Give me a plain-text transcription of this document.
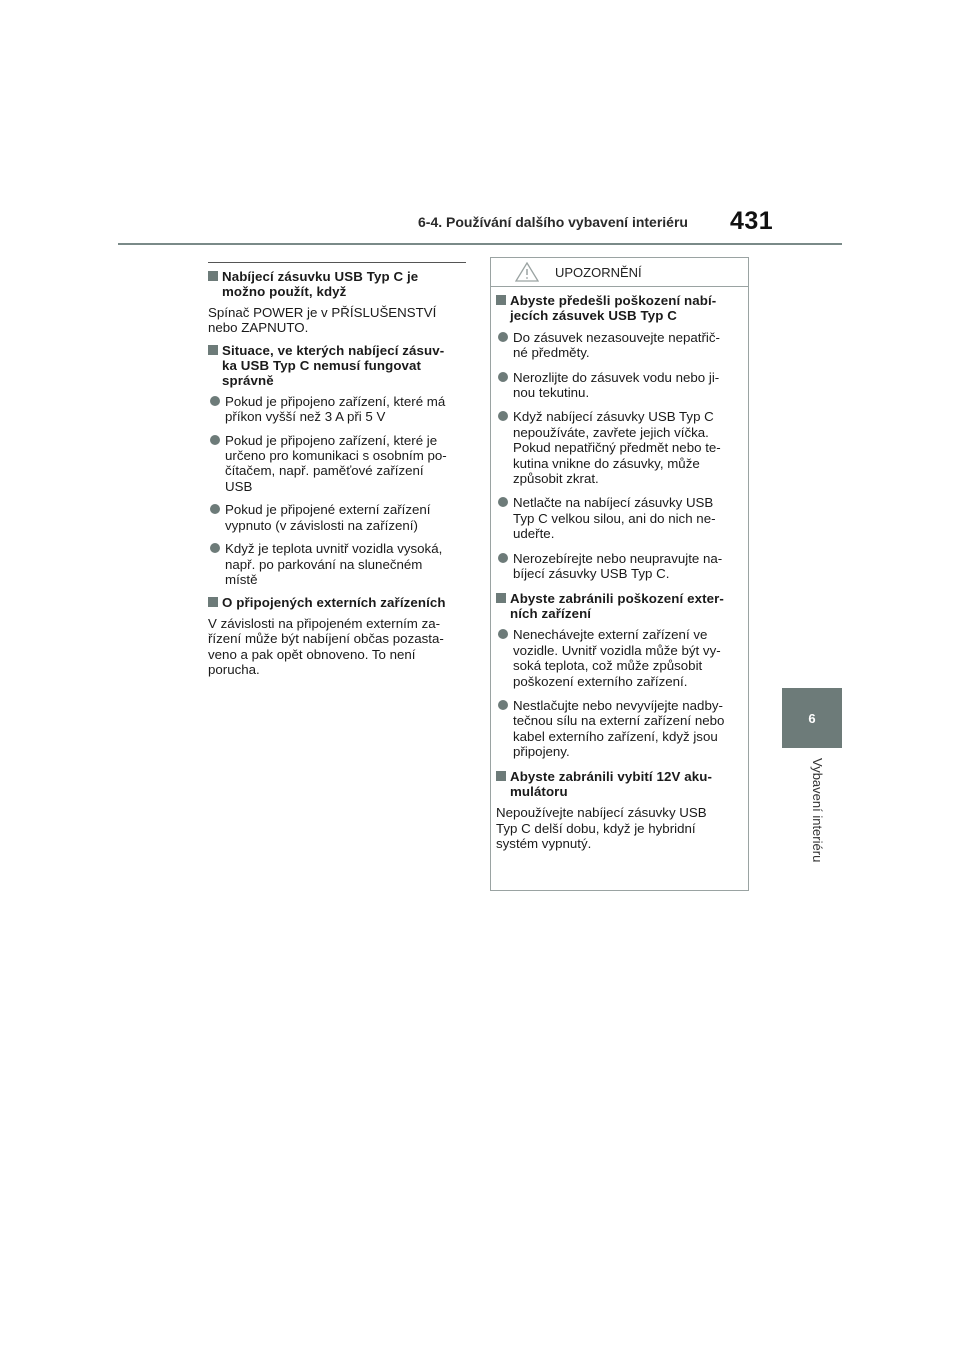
6-4. Používání dalšího vybavení interiéru 431
6
Vybavení interiéru
Nabíjecí zásuvku USB Typ C je
možno použít, když
Spínač POWER je v PŘÍSLUŠENSTVÍ
nebo ZAPNUTO.
Situace, ve kterých nabíjecí zásuv-
ka USB Typ C nemusí fungovat
správně
Pokud je připojeno zařízení, které má
příkon vyšší než 3 A při 5 V
Pokud je připojeno zařízení, které je
určeno pro komunikaci s osobním po-
čítačem, např. paměťové zařízení
USB
Pokud je připojené externí zařízení
vypnuto (v závislosti na zařízení)
Když je teplota uvnitř vozidla vysoká,
např. po parkování na slunečném
místě
O připojených externích zařízeních
V závislosti na připojeném externím za-
řízení může být nabíjení občas pozasta-
veno a pak opět obnoveno. To není
porucha.
UPOZORNĚNÍ
Abyste předešli poškození nabí-
jecích zásuvek USB Typ C
Do zásuvek nezasouvejte nepatřič-
né předměty.
Nerozlijte do zásuvek vodu nebo ji-
nou tekutinu.
Když nabíjecí zásuvky USB Typ C
nepoužíváte, zavřete jejich víčka.
Pokud nepatřičný předmět nebo te-
kutina vnikne do zásuvky, může
způsobit zkrat.
Netlačte na nabíjecí zásuvky USB
Typ C velkou silou, ani do nich ne-
udeřte.
Nerozebírejte nebo neupravujte na-
bíjecí zásuvky USB Typ C.
Abyste zabránili poškození exter-
ních zařízení
Nenechávejte externí zařízení ve
vozidle. Uvnitř vozidla může být vy-
soká teplota, což může způsobit
poškození externího zařízení.
Nestlačujte nebo nevyvíjejte nadby-
tečnou sílu na externí zařízení nebo
kabel externího zařízení, když jsou
připojeny.
Abyste zabránili vybití 12V aku-
mulátoru
Nepoužívejte nabíjecí zásuvky USB
Typ C delší dobu, když je hybridní
systém vypnutý.
